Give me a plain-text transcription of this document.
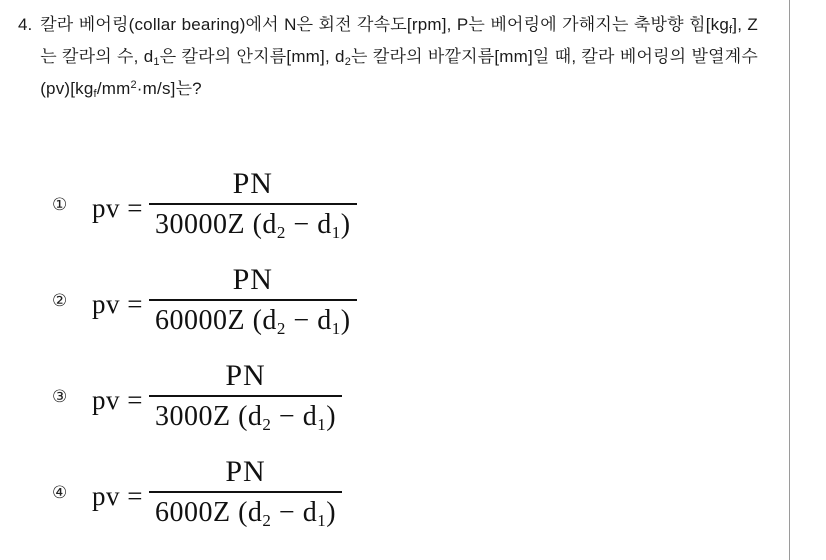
4. 칼라 베어링(collar bearing)에서 N은 회전 각속도[rpm], P는 베어링에 가해지는 축방향 힘$[kg_f]$, Z는 칼라의 수, $d_1$은 칼라의 안지름[mm], $d_2$는 칼라의 바깥지름[mm]일 때, 칼라 베어링의 발열계수$(pv)[kg_f/mm^2\cdot m/s]$는?
① pv = $\frac{PN}{30000Z (d_2 - d_1)}$
② pv = $\frac{PN}{60000Z (d_2 - d_1)}$
③ pv = $\frac{PN}{3000Z (d_2 - d_1)}$
④ pv = $\frac{PN}{6000Z (d_2 - d_1)}$
